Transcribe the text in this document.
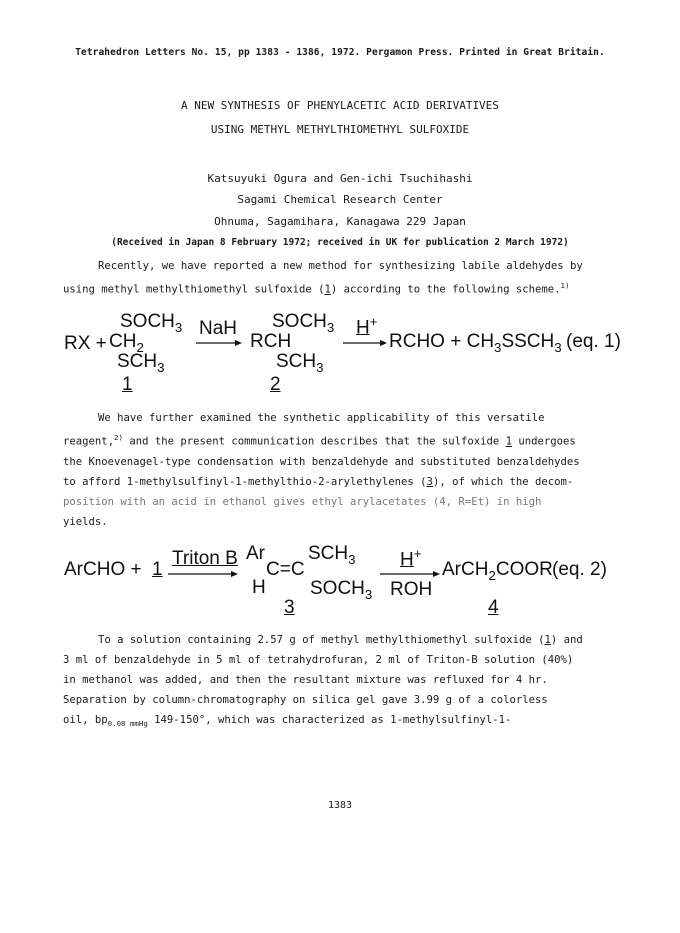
Tetrahedron Letters No. 15, pp 1383 - 1386, 1972. Pergamon Press. Printed in Great Britain.
A NEW SYNTHESIS OF PHENYLACETIC ACID DERIVATIVES
USING METHYL METHYLTHIOMETHYL SULFOXIDE
Katsuyuki Ogura and Gen-ichi Tsuchihashi
Sagami Chemical Research Center
Ohnuma, Sagamihara, Kanagawa 229 Japan
(Received in Japan 8 February 1972; received in UK for publication 2 March 1972)
Recently, we have reported a new method for synthesizing labile aldehydes by
using methyl methylthiomethyl sulfoxide (1) according to the following scheme.$^{1)}$
RX +
$SOCH_3$
$CH_2$
$SCH_3$
1
NaH $SOCH_3$
RCH
$SCH_3$
2
H+
→ RCHO + $CH_3SSCH_3$ (eq. 1)
We have further examined the synthetic applicability of this versatile
reagent,$^{2)}$ and the present communication describes that the sulfoxide 1 undergoes
the Knoevenagel-type condensation with benzaldehyde and substituted benzaldehydes
to afford 1-methylsulfinyl-1-methylthio-2-arylethylenes (3), of which the decom-
position with an acid in ethanol gives ethyl arylacetates (4, R=Et) in high
yields.
ArCHO + 1
Triton B Ar $SCH_3$
C=C
H $SOCH_3$
3
H+
ROH
ArCH$_2$COOR
4
(eq. 2)
To a solution containing 2.57 g of methyl methylthiomethyl sulfoxide (1) and
3 ml of benzaldehyde in 5 ml of tetrahydrofuran, 2 ml of Triton-B solution (40%)
in methanol was added, and then the resultant mixture was refluxed for 4 hr.
Separation by column-chromatography on silica gel gave 3.99 g of a colorless
oil, $bp_{0.08 mmHg}$ 149-150°, which was characterized as 1-methylsulfinyl-1-
1383
